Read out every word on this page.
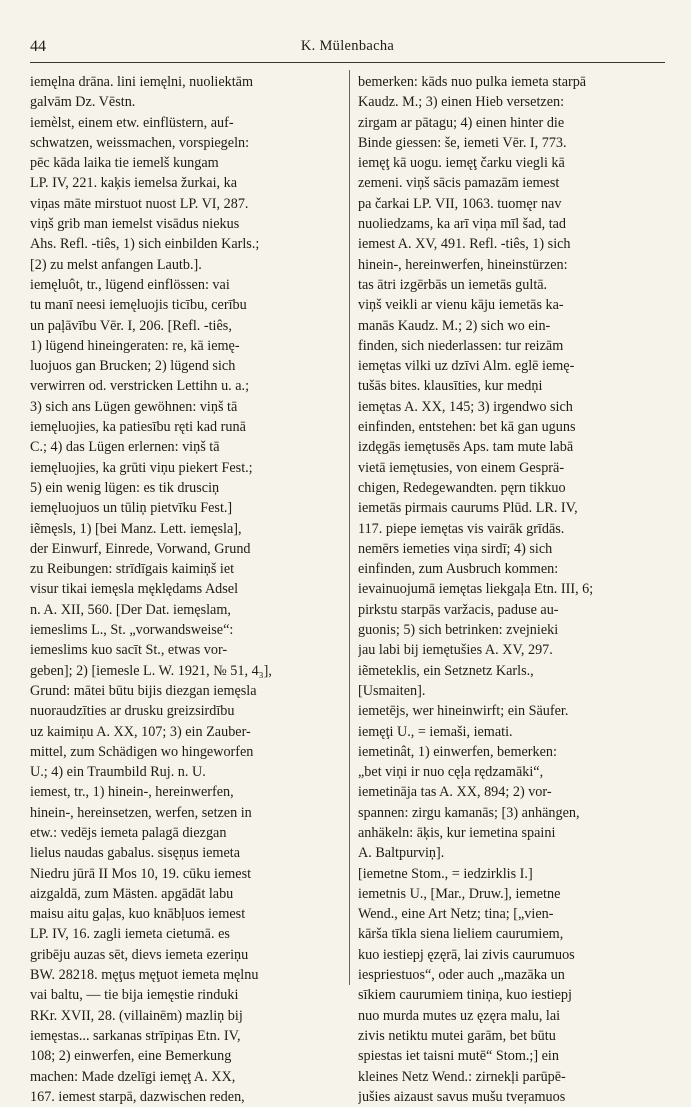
44	K. Mülenbacha
iemęlna drāna. lini iemęlni, nuoliektām
galvām Dz. Vēstn.
iemèlst, einem etw. einflüstern, auf-
schwatzen, weissmachen, vorspiegeln:
pēc kāda laika tie iemelš kungam
LP. IV, 221. kaķis iemelsa žurkai, ka
viņas māte mirstuot nuost LP. VI, 287.
viņš grib man iemelst visādus niekus
Ahs. Refl. -tiês, 1) sich einbilden Karls.;
[2) zu melst anfangen Lautb.].
iemęluôt, tr., lügend einflössen: vai
tu manī neesi iemęluojis ticību, cerību
un paļāvību Vēr. I, 206. [Refl. -tiês,
1) lügend hineingeraten: re, kā iemę-
luojuos gan Brucken; 2) lügend sich
verwirren od. verstricken Lettihn u. a.;
3) sich ans Lügen gewöhnen: viņš tā
iemęluojies, ka patiesību ręti kad runā
C.; 4) das Lügen erlernen: viņš tā
iemęluojies, ka grūti viņu piekert Fest.;
5) ein wenig lügen: es tik drusciņ
iemęluojuos un tūliņ pietvīku Fest.]
iẽmęsls, 1) [bei Manz. Lett. iemęsla],
der Einwurf, Einrede, Vorwand, Grund
zu Reibungen: strīdīgais kaimiņš iet
visur tikai iemęsla męklędams Adsel
n. A. XII, 560. [Der Dat. iemęslam,
iemeslims L., St. „vorwandsweise“:
iemeslims kuo sacīt St., etwas vor-
geben]; 2) [iemesle L. W. 1921, № 51, 4₃],
Grund: mātei būtu bijis diezgan iemęsla
nuoraudzīties ar drusku greizsirdību
uz kaimiņu A. XX, 107; 3) ein Zauber-
mittel, zum Schädigen wo hingeworfen
U.; 4) ein Traumbild Ruj. n. U.
iemest, tr., 1) hinein-, hereinwerfen,
hinein-, hereinsetzen, werfen, setzen in
etw.: vedējs iemeta palagā diezgan
lielus naudas gabalus. sisęņus iemeta
Niedru jūrā II Mos 10, 19. cūku iemest
aizgaldā, zum Mästen. apgādāt labu
maisu aitu gaļas, kuo knābļuos iemest
LP. IV, 16. zagli iemeta cietumā. es
gribēju auzas sēt, dievs iemeta ezeriņu
BW. 28218. męţus męţuot iemeta męlnu
vai baltu, — tie bija iemęstie rinduki
RKr. XVII, 28. (villainēm) mazliņ bij
iemęstas... sarkanas strīpiņas Etn. IV,
108; 2) einwerfen, eine Bemerkung
machen: Made dzelīgi iemęţ A. XX,
167. iemest starpā, dazwischen reden,
bemerken: kāds nuo pulka iemeta starpā
Kaudz. M.; 3) einen Hieb versetzen:
zirgam ar pātagu; 4) einen hinter die
Binde giessen: še, iemeti Vēr. I, 773.
iemęţ kā uogu. iemęţ čarku viegli kā
zemeni. viņš sācis pamazām iemest
pa čarkai LP. VII, 1063. tuomęr nav
nuoliedzams, ka arī viņa mīl šad, tad
iemest A. XV, 491. Refl. -tiês, 1) sich
hinein-, hereinwerfen, hineinstürzen:
tas ātri izgērbās un iemetās gultā.
viņš veikli ar vienu kāju iemetās ka-
manās Kaudz. M.; 2) sich wo ein-
finden, sich niederlassen: tur reizām
iemętas vilki uz dzīvi Alm. eglē iemę-
tušās bites. klausīties, kur medņi
iemętas A. XX, 145; 3) irgendwo sich
einfinden, entstehen: bet kā gan uguns
izdęgās iemętusēs Aps. tam mute labā
vietā iemętusies, von einem Gesprä-
chigen, Redegewandten. pęrn tikkuo
iemetās pirmais caurums Plūd. LR. IV,
117. piepe iemętas vis vairāk grīdās.
nemērs iemeties viņa sirdī; 4) sich
einfinden, zum Ausbruch kommen:
ievainuojumā iemętas liekgaļa Etn. III, 6;
pirkstu starpās varžacis, paduse au-
guonis; 5) sich betrinken: zvejnieki
jau labi bij iemętušies A. XV, 297.
iẽmeteklis, ein Setznetz Karls.,
[Usmaiten].
iemetējs, wer hineinwirft; ein Säufer.
iemęţi U., = iemaši, iemati.
iemetinât, 1) einwerfen, bemerken:
„bet viņi ir nuo cęļa rędzamāki“,
iemetināja tas A. XX, 894; 2) vor-
spannen: zirgu kamanās; [3) anhängen,
anhäkeln: āķis, kur iemetina spaini
A. Baltpurviņ].
[iemetne Stom., = iedzirklis I.]
iemetnis U., [Mar., Druw.], iemetne
Wend., eine Art Netz; tina; [„vien-
kārša tīkla siena lieliem caurumiem,
kuo iestiepj ęzęrā, lai zivis caurumuos
iespriestuos“, oder auch „mazāka un
sīkiem caurumiem tiniņa, kuo iestiepj
nuo murda mutes uz ęzęra malu, lai
zivis netiktu mutei garām, bet būtu
spiestas iet taisni mutē“ Stom.;] ein
kleines Netz Wend.: zirnekļi parūpē-
jušies aizaust savus mušu tveŗamuos
